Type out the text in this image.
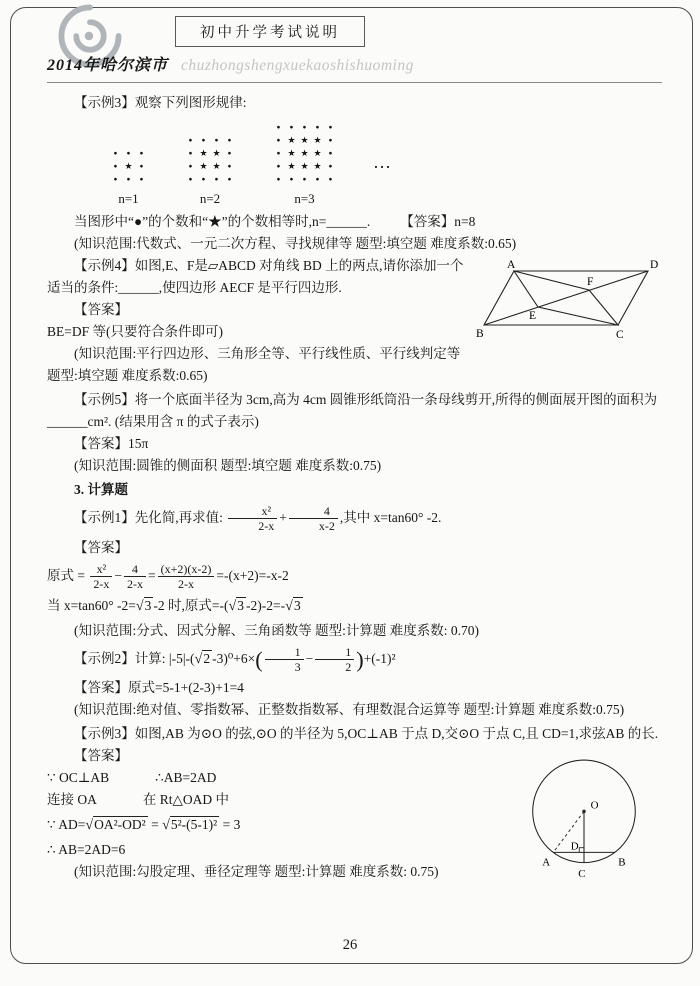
初中升学考试说明
2014年哈尔滨市 chuzhongshengxuekaoshishuoming

【示例3】观察下列图形规律:

●	●	●
● ★	●
●	●	●
n=1
●	●	●	●
● ★ ★	●
● ★ ★	●
●	●	●	●
n=2
●	●	●	●	●
● ★ ★ ★	●
● ★ ★ ★	●
● ★ ★ ★	●
●	●	●	●	●
n=3
…

当图形中“●”的个数和“★”的个数相等时,n=______. 【答案】n=8

(知识范围:代数式、一元二次方程、寻找规律等 题型:填空题 难度系数:0.65)

A	D
B	C
E
F

【示例4】如图,E、F是▱ABCD 对角线 BD 上的两点,请你添加一个适当的条件:______,使四边形 AECF 是平行四边形.

【答案】

BE=DF 等(只要符合条件即可)

(知识范围:平行四边形、三角形全等、平行线性质、平行线判定等 题型:填空题 难度系数:0.65)

【示例5】将一个底面半径为 3cm,高为 4cm 圆锥形纸筒沿一条母线剪开,所得的侧面展开图的面积为______cm². (结果用含 π 的式子表示)

【答案】15π

(知识范围:圆锥的侧面积 题型:填空题 难度系数:0.75)

3. 计算题

【示例1】先化简,再求值: $\frac{\text{x²}}{2-x} + \frac{4}{x-2}$ ,其中 x=tan60° -2.

【答案】

原式 = $\frac{\text{x²}}{2-x} - \frac{4}{2-x} = \frac{(x+2)(x-2)}{2-x} =-(x+2)=-x-2$

当 x=tan60° -2=√3 -2 时,原式=-(√3 -2)-2=-√3

(知识范围:分式、因式分解、三角函数等 题型:计算题 难度系数: 0.70)

【示例2】计算: |-5|-(√2 $-3)^0+6\times( \frac{1}{3} - \frac{1}{2} )+(-1)^2$

【答案】原式=5-1+(2-3)+1=4

(知识范围:绝对值、零指数幂、正整数指数幂、有理数混合运算等 题型:计算题 难度系数:0.75)

【示例3】如图,AB 为⊙O 的弦,⊙O 的半径为 5,OC⊥AB 于点 D,交⊙O 于点 C,且 CD=1,求弦AB 的长.

O
A	B
C
D

【答案】

∵ OC⊥AB	∴AB=2AD

连接 OA	在 Rt△OAD 中

∵ AD=√OA²-OD² = √5²-(5-1)² = 3

∴ AB=2AD=6

(知识范围:勾股定理、垂径定理等 题型:计算题 难度系数: 0.75)

26
